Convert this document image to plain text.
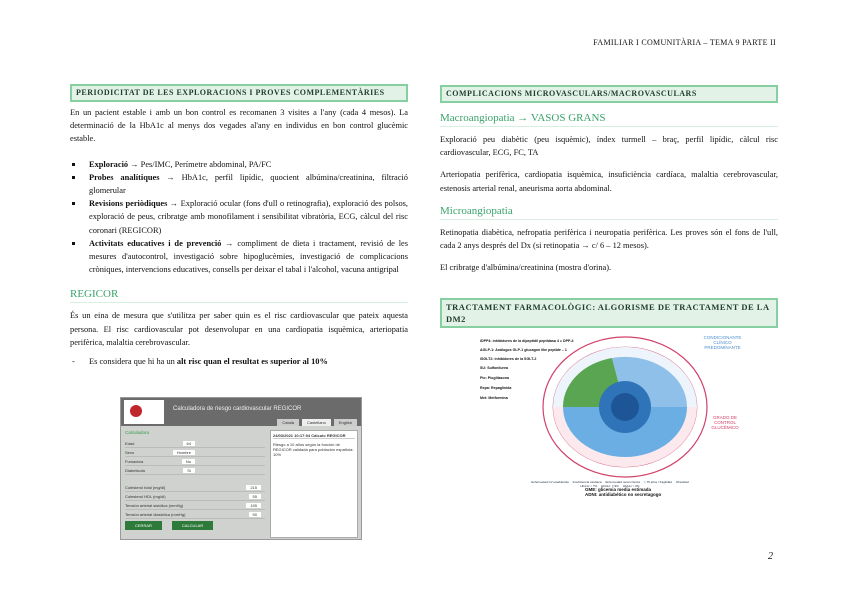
FAMILIAR I COMUNITÀRIA – TEMA 9 PARTE II
PERIODICITAT DE LES EXPLORACIONS I PROVES COMPLEMENTÀRIES

En un pacient estable i amb un bon control es recomanen 3 visites a l'any (cada 4 mesos). La determinació de la HbA1c al menys dos vegades al'any en individus en bon control glucèmic estable.

Exploració → Pes/IMC, Perímetre abdominal, PA/FC
Probes analítiques → HbA1c, perfil lipídic, quocient albúmina/creatinina, filtració glomerular
Revisions periòdiques → Exploració ocular (fons d'ull o retinografia), exploració des polsos, exploració de peus, cribratge amb monofilament i sensibilitat vibratòria, ECG, càlcul del risc coronari (REGICOR)
Activitats educatives i de prevenció → compliment de dieta i tractament, revisió de les mesures d'autocontrol, investigació sobre hipoglucèmies, investigació de complicacions cròniques, intervencions educatives, consells per deixar el tabal i l'alcohol, vacuna antigripal
REGICOR

És un eina de mesura que s'utilitza per saber quin es el risc cardiovascular que pateix aquesta persona. El risc cardiovascular pot desenvolupar en una cardiopatia isquèmica, arteriopatia perifèrica, malaltia cerebrovascular.

- Es considera que hi ha un alt risc quan el resultat es superior al 10%
Calculadora de riesgo cardiovascular REGICOR
Català	Castellano	English
Calculadora
Edad	64
Sexo	Hombre
Fumadora	No
Diabeticola	Sí
Colesterol total (mg/dl)	215
Colesterol HDL (mg/dl)	55
Tensión arterial sistólica (mmHg)	155
Tensión arterial diastólica (mmHg)	90
CERRAR	CALCULAR
24/03/2021 10:17:04 Cálculo REGICOR
Riesgo a 10 años según la función de REGICOR validada para población española: 10%
COMPLICACIONS MICROVASCULARS/MACROVASCULARS
Macroangiopatia → VASOS GRANS

Exploració peu diabètic (peu isquèmic), índex turmell – braç, perfil lipídic, càlcul risc cardiovascular, ECG, FC, TA

Arteriopatia perifèrica, cardiopatia isquèmica, insuficiència cardíaca, malaltia cerebrovascular, estenosis arterial renal, aneurisma aorta abdominal.

Microangiopatia

Retinopatia diabètica, nefropatia perifèrica i neuropatia perifèrica. Les proves són el fons de l'ull, cada 2 anys després del Dx (si retinopatia → c/ 6 – 12 mesos).

El cribratge d'albúmina/creatinina (mostra d'orina).

TRACTAMENT FARMACOLÒGIC: ALGORISME DE TRACTAMENT DE LA DM2
iDPP4: inhibidores de la dipeptidil peptidasa 4 = DPP-4
AGLP-1: Análogos GLP-1 glucagon like peptide – 1
iSGLT2: inhibidores de la SGLT-2
SU: Sulfonilurea
Pio: Pioglitazona
Repa: Repaglinida
Met: Metformina
CONDICIONANTE CLÍNICO PREDOMINANTE
GRADO DE CONTROL GLUCÉMICO
GME: glicemia media estimada
ADNI: antidiabético no secretagogo
Enfermedad CV establecida Insuficiencia cardíaca Enfermedad renal crónica > 75 años / fragilidad ObesidadHbA1c < 7% HbA1c: 7-9% HbA1c > 9%
2
